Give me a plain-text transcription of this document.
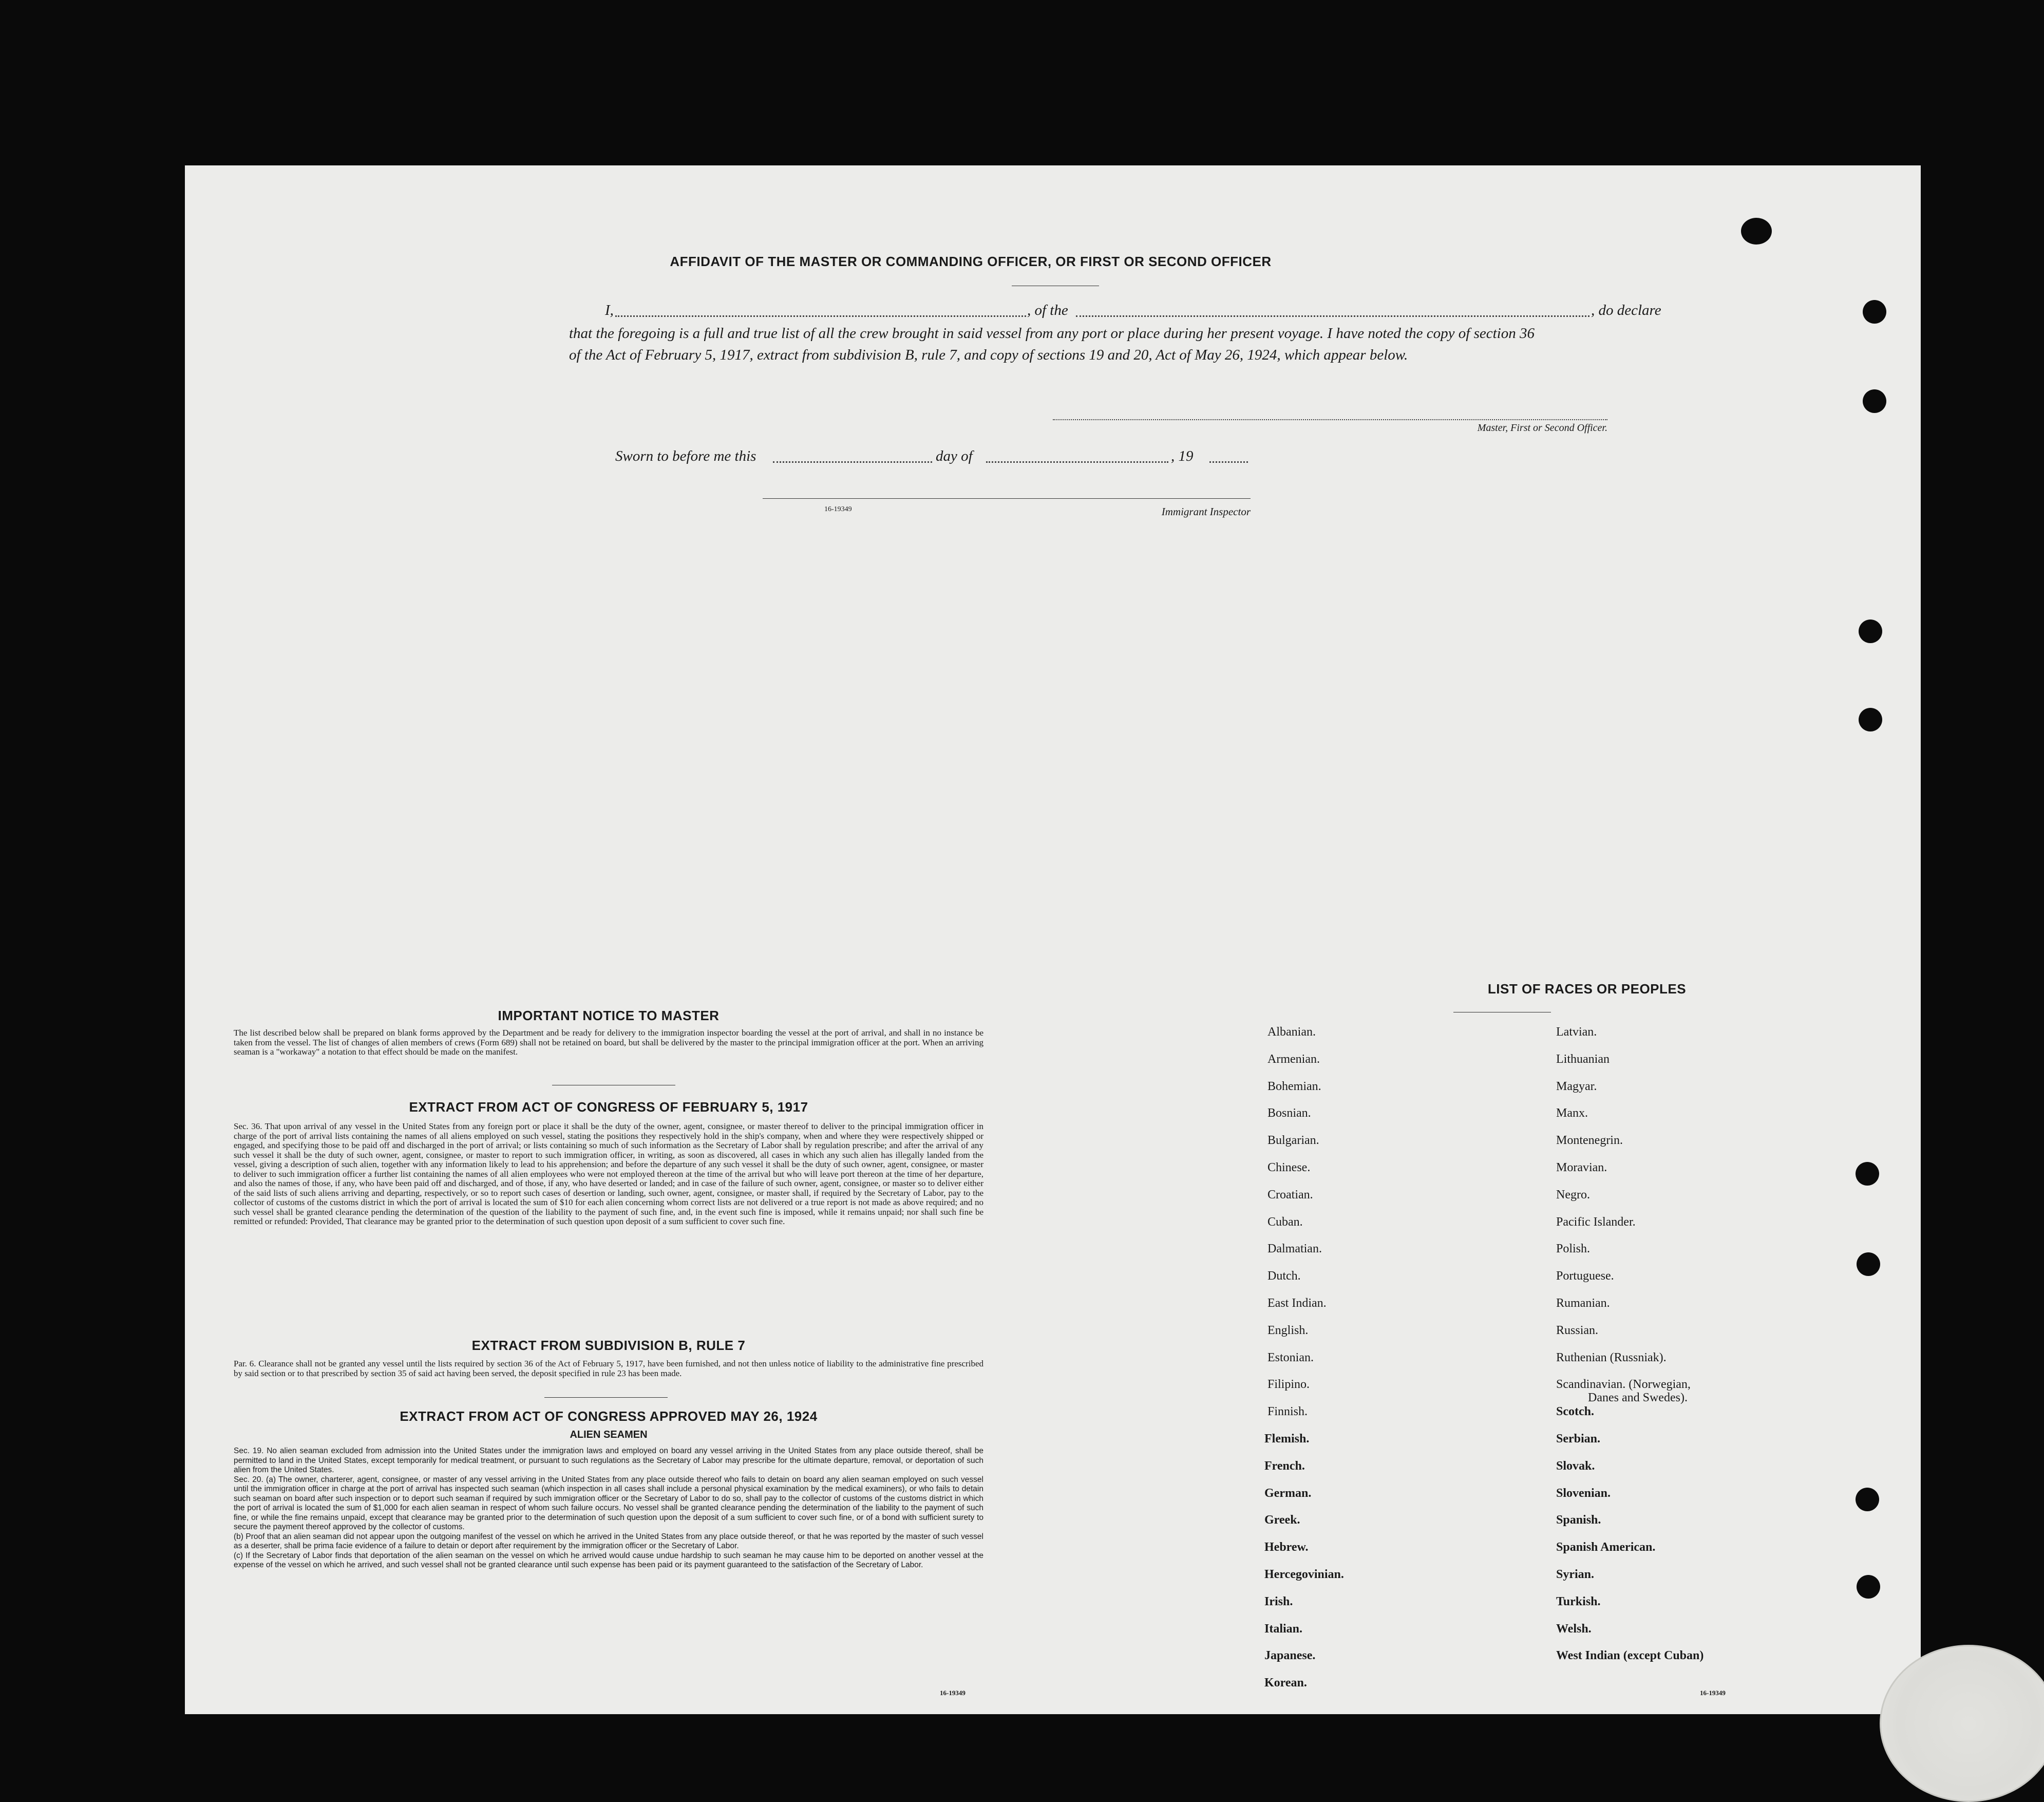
AFFIDAVIT OF THE MASTER OR COMMANDING OFFICER, OR FIRST OR SECOND OFFICER
I,	, of the	, do declare
that the foregoing is a full and true list of all the crew brought in said vessel from any port or place during her present voyage. I have noted the copy of section 36 of the Act of February 5, 1917, extract from subdivision B, rule 7, and copy of sections 19 and 20, Act of May 26, 1924, which appear below.
Master, First or Second Officer.
Sworn to before me this	day of	, 19
16-19349	Immigrant Inspector
IMPORTANT NOTICE TO MASTER
The list described below shall be prepared on blank forms approved by the Department and be ready for delivery to the immigration inspector boarding the vessel at the port of arrival, and shall in no instance be taken from the vessel. The list of changes of alien members of crews (Form 689) shall not be retained on board, but shall be delivered by the master to the principal immigration officer at the port. When an arriving seaman is a "workaway" a notation to that effect should be made on the manifest.
EXTRACT FROM ACT OF CONGRESS OF FEBRUARY 5, 1917
Sec. 36. That upon arrival of any vessel in the United States from any foreign port or place it shall be the duty of the owner, agent, consignee, or master thereof to deliver to the principal immigration officer in charge of the port of arrival lists containing the names of all aliens employed on such vessel, stating the positions they respectively hold in the ship's company, when and where they were respectively shipped or engaged, and specifying those to be paid off and discharged in the port of arrival; or lists containing so much of such information as the Secretary of Labor shall by regulation prescribe; and after the arrival of any such vessel it shall be the duty of such owner, agent, consignee, or master to report to such immigration officer, in writing, as soon as discovered, all cases in which any such alien has illegally landed from the vessel, giving a description of such alien, together with any information likely to lead to his apprehension; and before the departure of any such vessel it shall be the duty of such owner, agent, consignee, or master to deliver to such immigration officer a further list containing the names of all alien employees who were not employed thereon at the time of the arrival but who will leave port thereon at the time of her departure, and also the names of those, if any, who have been paid off and discharged, and of those, if any, who have deserted or landed; and in case of the failure of such owner, agent, consignee, or master so to deliver either of the said lists of such aliens arriving and departing, respectively, or so to report such cases of desertion or landing, such owner, agent, consignee, or master shall, if required by the Secretary of Labor, pay to the collector of customs of the customs district in which the port of arrival is located the sum of $10 for each alien concerning whom correct lists are not delivered or a true report is not made as above required; and no such vessel shall be granted clearance pending the determination of the question of the liability to the payment of such fine, and, in the event such fine is imposed, while it remains unpaid; nor shall such fine be remitted or refunded: Provided, That clearance may be granted prior to the determination of such question upon deposit of a sum sufficient to cover such fine.
EXTRACT FROM SUBDIVISION B, RULE 7
Par. 6. Clearance shall not be granted any vessel until the lists required by section 36 of the Act of February 5, 1917, have been furnished, and not then unless notice of liability to the administrative fine prescribed by said section or to that prescribed by section 35 of said act having been served, the deposit specified in rule 23 has been made.
EXTRACT FROM ACT OF CONGRESS APPROVED MAY 26, 1924
ALIEN SEAMEN
Sec. 19. No alien seaman excluded from admission into the United States under the immigration laws and employed on board any vessel arriving in the United States from any place outside thereof, shall be permitted to land in the United States, except temporarily for medical treatment, or pursuant to such regulations as the Secretary of Labor may prescribe for the ultimate departure, removal, or deportation of such alien from the United States.
Sec. 20. (a) The owner, charterer, agent, consignee, or master of any vessel arriving in the United States from any place outside thereof who fails to detain on board any alien seaman employed on such vessel until the immigration officer in charge at the port of arrival has inspected such seaman (which inspection in all cases shall include a personal physical examination by the medical examiners), or who fails to detain such seaman on board after such inspection or to deport such seaman if required by such immigration officer or the Secretary of Labor to do so, shall pay to the collector of customs of the customs district in which the port of arrival is located the sum of $1,000 for each alien seaman in respect of whom such failure occurs. No vessel shall be granted clearance pending the determination of the liability to the payment of such fine, or while the fine remains unpaid, except that clearance may be granted prior to the determination of such question upon the deposit of a sum sufficient to cover such fine, or of a bond with sufficient surety to secure the payment thereof approved by the collector of customs.
(b) Proof that an alien seaman did not appear upon the outgoing manifest of the vessel on which he arrived in the United States from any place outside thereof, or that he was reported by the master of such vessel as a deserter, shall be prima facie evidence of a failure to detain or deport after requirement by the immigration officer or the Secretary of Labor.
(c) If the Secretary of Labor finds that deportation of the alien seaman on the vessel on which he arrived would cause undue hardship to such seaman he may cause him to be deported on another vessel at the expense of the vessel on which he arrived, and such vessel shall not be granted clearance until such expense has been paid or its payment guaranteed to the satisfaction of the Secretary of Labor.
16-19349
LIST OF RACES OR PEOPLES
16-19349
Albanian.
Armenian.
Bohemian.
Bosnian.
Bulgarian.
Chinese.
Croatian.
Cuban.
Dalmatian.
Dutch.
East Indian.
English.
Estonian.
Filipino.
Finnish.
Flemish.
French.
German.
Greek.
Hebrew.
Hercegovinian.
Irish.
Italian.
Japanese.
Korean.
Latvian.
Lithuanian
Magyar.
Manx.
Montenegrin.
Moravian.
Negro.
Pacific Islander.
Polish.
Portuguese.
Rumanian.
Russian.
Ruthenian (Russniak).
Scandinavian. (Norwegian,
Danes and Swedes).
Scotch.
Serbian.
Slovak.
Slovenian.
Spanish.
Spanish American.
Syrian.
Turkish.
Welsh.
West Indian (except Cuban)
